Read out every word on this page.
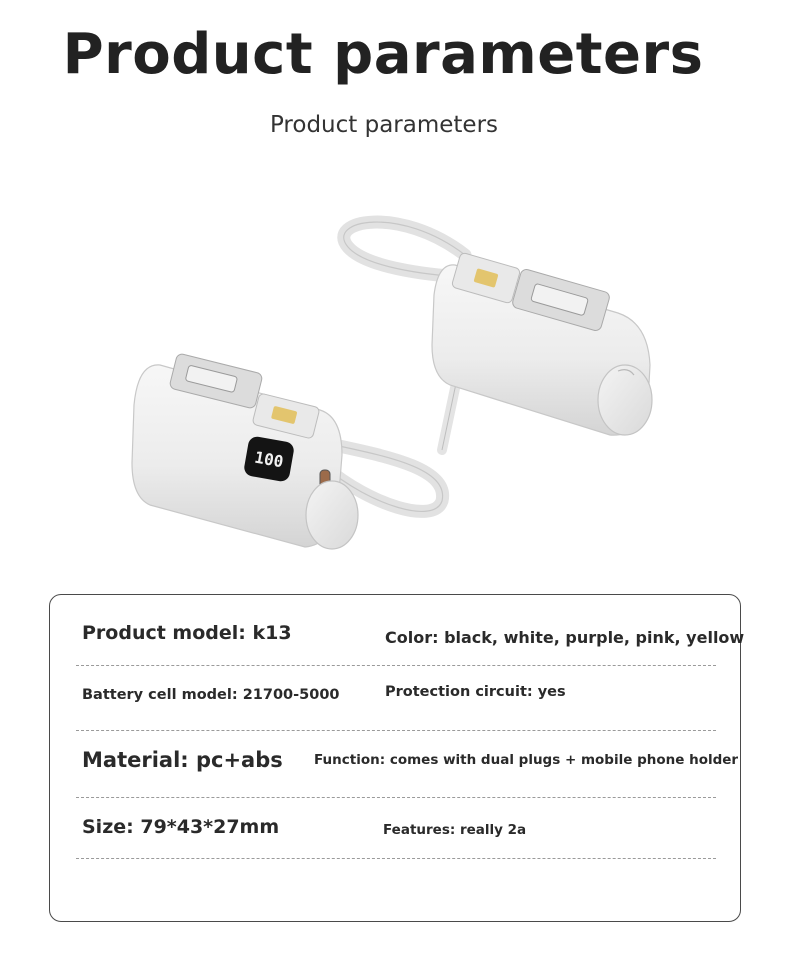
Product parameters
Product parameters
100
Product model: k13	Color: black, white, purple, pink, yellow
Battery cell model: 21700-5000	Protection circuit: yes
Material: pc+abs Function: comes with dual plugs + mobile phone holder
Size: 79*43*27mm	Features: really 2a
